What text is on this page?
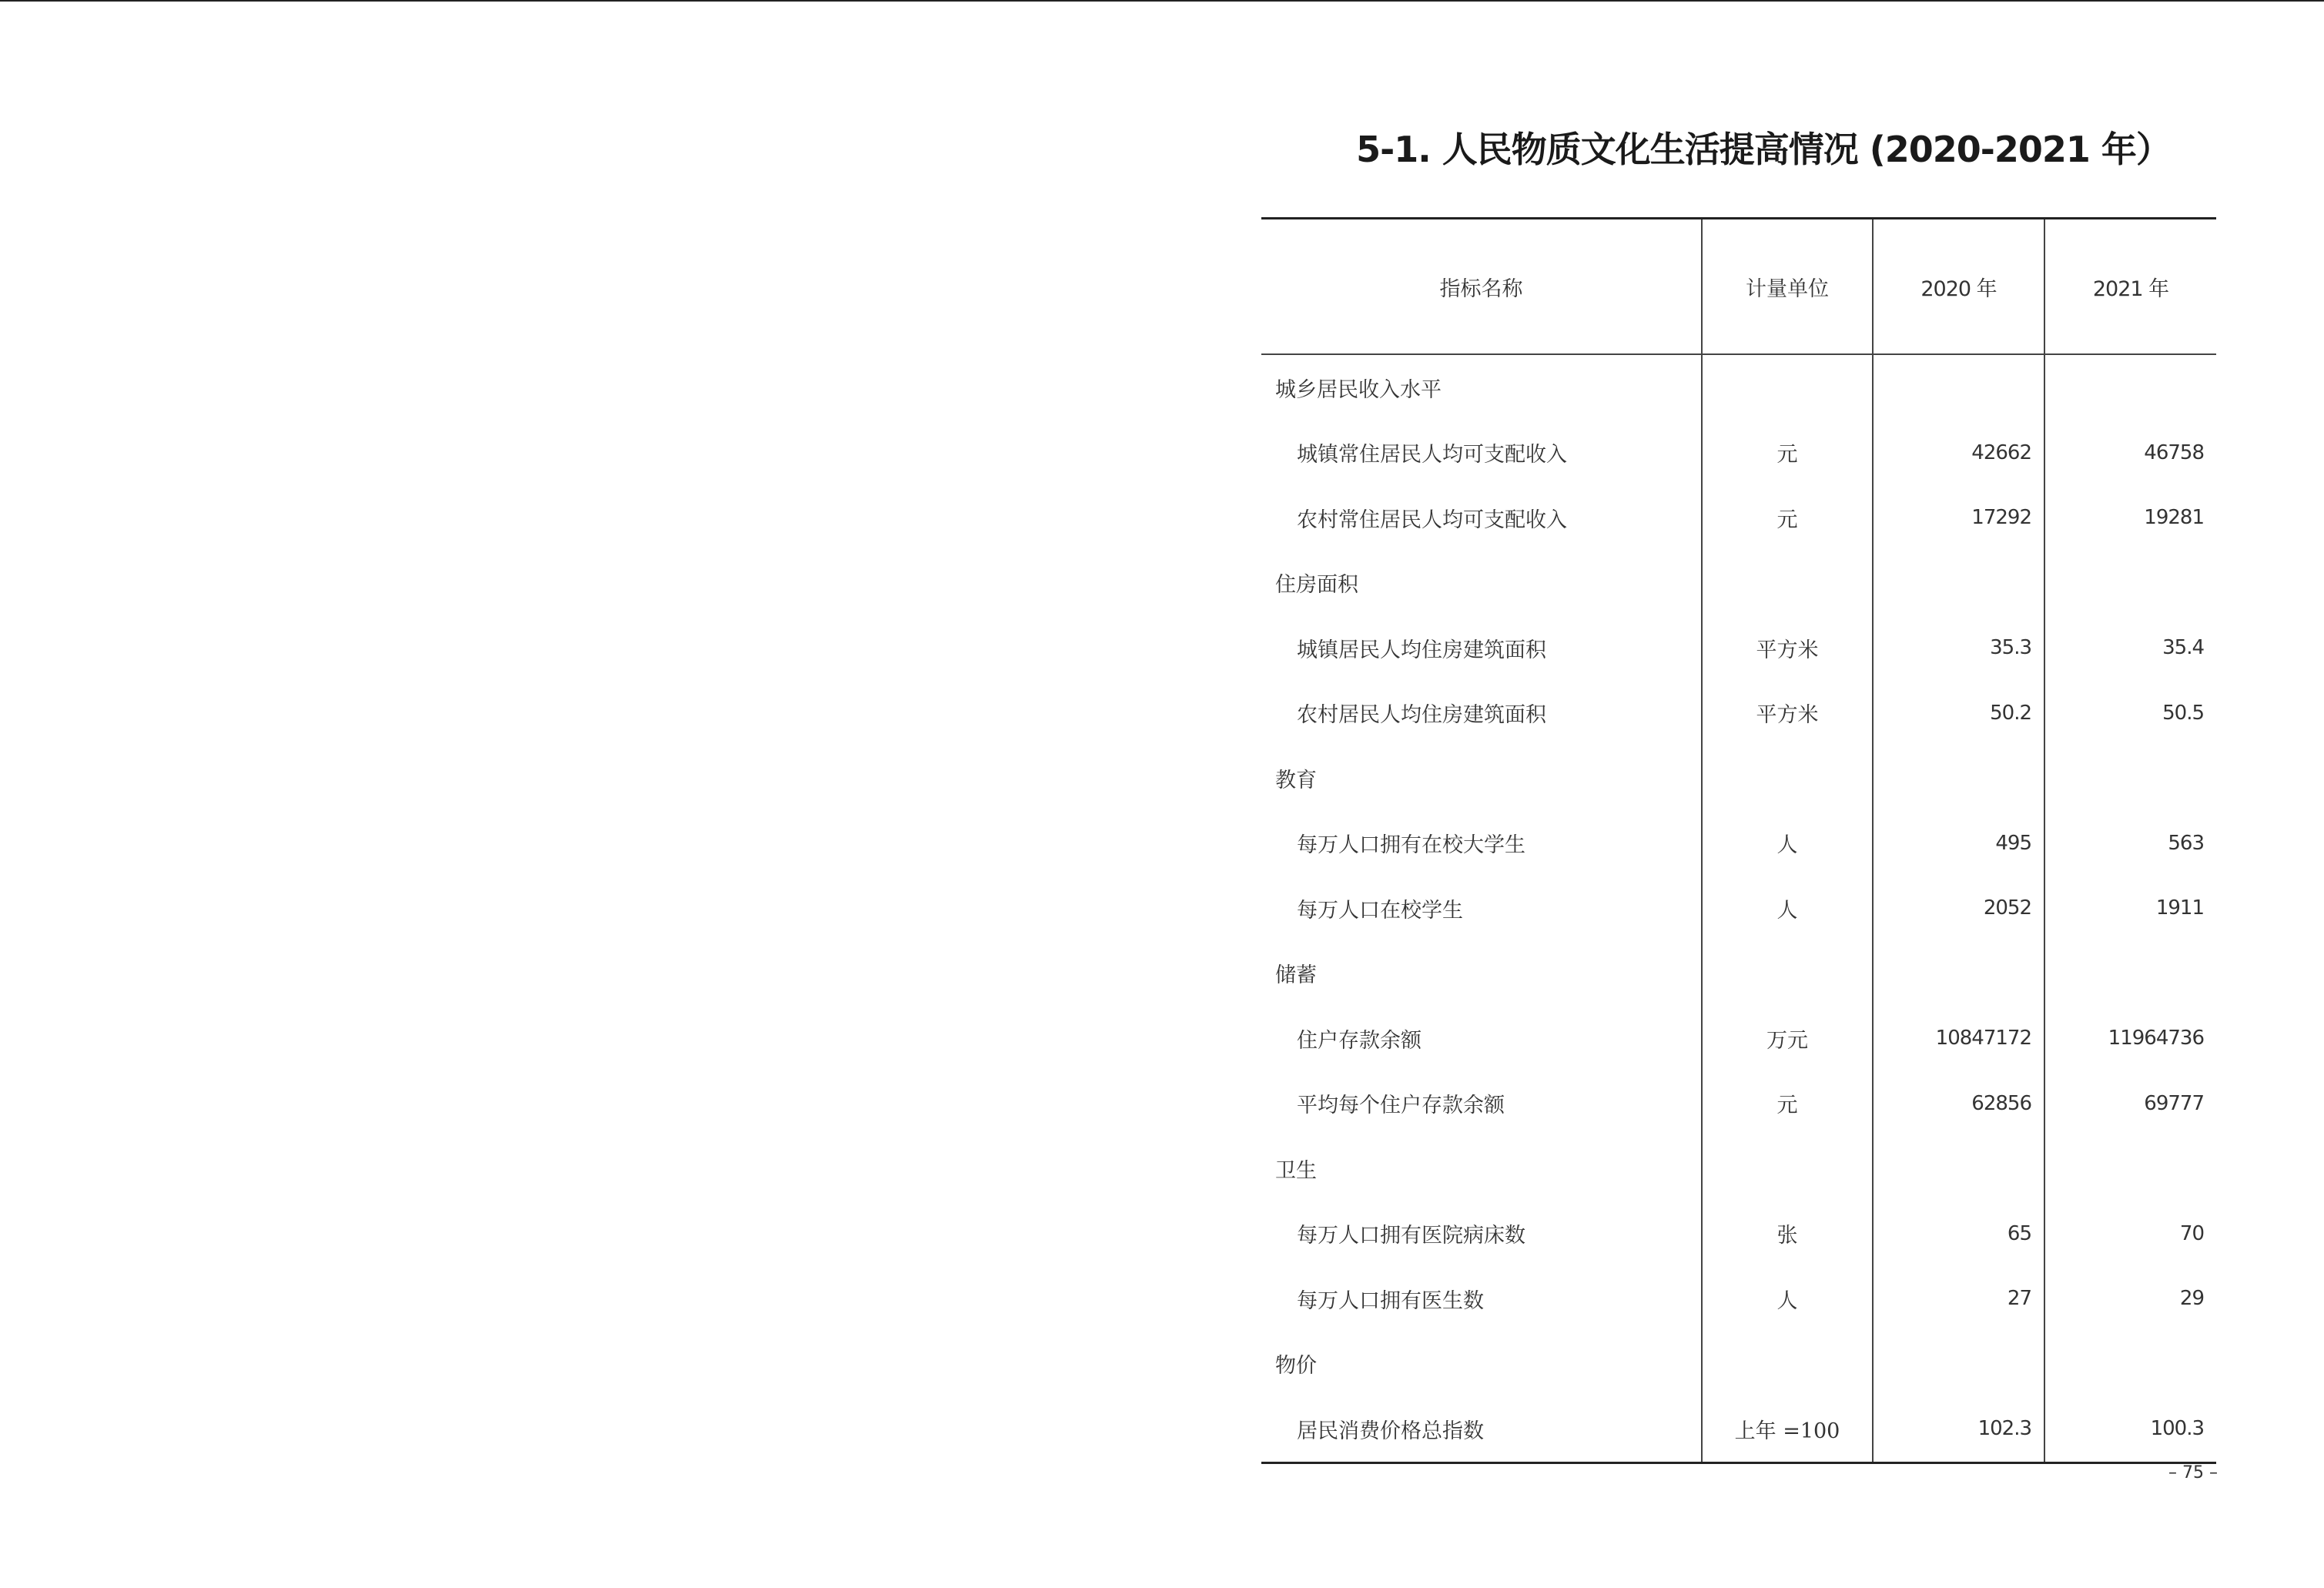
5-1. 人民物质文化生活提高情况 (2020-2021 年）
指标名称	计量单位	2020 年	2021 年
城乡居民收入水平			
城镇常住居民人均可支配收入	元	42662	46758
农村常住居民人均可支配收入	元	17292	19281
住房面积			
城镇居民人均住房建筑面积	平方米	35.3	35.4
农村居民人均住房建筑面积	平方米	50.2	50.5
教育			
每万人口拥有在校大学生	人	495	563
每万人口在校学生	人	2052	1911
储蓄			
住户存款余额	万元	10847172	11964736
平均每个住户存款余额	元	62856	69777
卫生			
每万人口拥有医院病床数	张	65	70
每万人口拥有医生数	人	27	29
物价			
居民消费价格总指数	上年 =100	102.3	100.3
– 75 –
